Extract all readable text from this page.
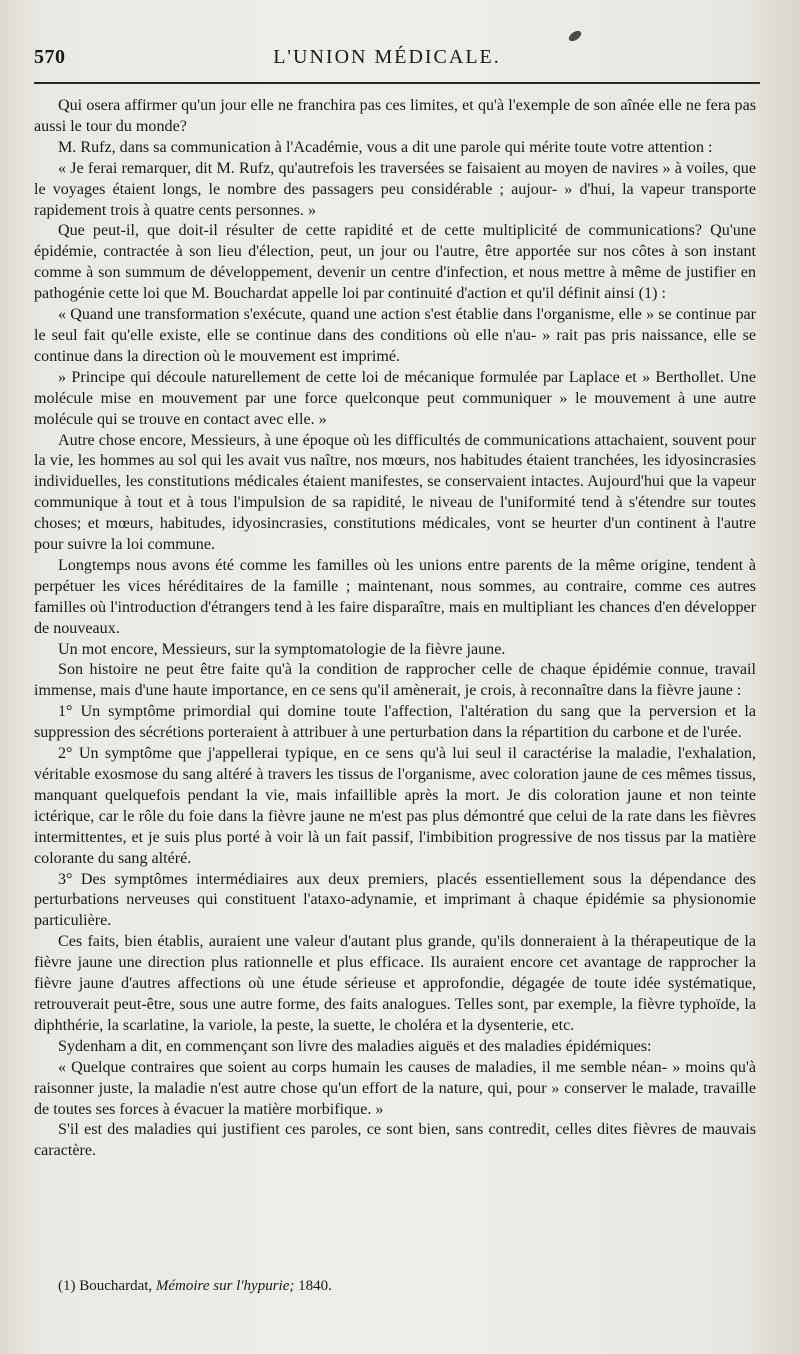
570	L'UNION MÉDICALE.

Qui osera affirmer qu'un jour elle ne franchira pas ces limites, et qu'à l'exemple de son aînée elle ne fera pas aussi le tour du monde?

M. Rufz, dans sa communication à l'Académie, vous a dit une parole qui mérite toute votre attention :

« Je ferai remarquer, dit M. Rufz, qu'autrefois les traversées se faisaient au moyen de navires » à voiles, que le voyages étaient longs, le nombre des passagers peu considérable ; aujour- » d'hui, la vapeur transporte rapidement trois à quatre cents personnes. »

Que peut-il, que doit-il résulter de cette rapidité et de cette multiplicité de communications? Qu'une épidémie, contractée à son lieu d'élection, peut, un jour ou l'autre, être apportée sur nos côtes à son instant comme à son summum de développement, devenir un centre d'infection, et nous mettre à même de justifier en pathogénie cette loi que M. Bouchardat appelle loi par continuité d'action et qu'il définit ainsi (1) :

« Quand une transformation s'exécute, quand une action s'est établie dans l'organisme, elle » se continue par le seul fait qu'elle existe, elle se continue dans des conditions où elle n'au- » rait pas pris naissance, elle se continue dans la direction où le mouvement est imprimé.

» Principe qui découle naturellement de cette loi de mécanique formulée par Laplace et » Berthollet. Une molécule mise en mouvement par une force quelconque peut communiquer » le mouvement à une autre molécule qui se trouve en contact avec elle. »

Autre chose encore, Messieurs, à une époque où les difficultés de communications attachaient, souvent pour la vie, les hommes au sol qui les avait vus naître, nos mœurs, nos habitudes étaient tranchées, les idyosincrasies individuelles, les constitutions médicales étaient manifestes, se conservaient intactes. Aujourd'hui que la vapeur communique à tout et à tous l'impulsion de sa rapidité, le niveau de l'uniformité tend à s'étendre sur toutes choses; et mœurs, habitudes, idyosincrasies, constitutions médicales, vont se heurter d'un continent à l'autre pour suivre la loi commune.

Longtemps nous avons été comme les familles où les unions entre parents de la même origine, tendent à perpétuer les vices héréditaires de la famille ; maintenant, nous sommes, au contraire, comme ces autres familles où l'introduction d'étrangers tend à les faire disparaître, mais en multipliant les chances d'en développer de nouveaux.

Un mot encore, Messieurs, sur la symptomatologie de la fièvre jaune.

Son histoire ne peut être faite qu'à la condition de rapprocher celle de chaque épidémie connue, travail immense, mais d'une haute importance, en ce sens qu'il amènerait, je crois, à reconnaître dans la fièvre jaune :

1° Un symptôme primordial qui domine toute l'affection, l'altération du sang que la perversion et la suppression des sécrétions porteraient à attribuer à une perturbation dans la répartition du carbone et de l'urée.

2° Un symptôme que j'appellerai typique, en ce sens qu'à lui seul il caractérise la maladie, l'exhalation, véritable exosmose du sang altéré à travers les tissus de l'organisme, avec coloration jaune de ces mêmes tissus, manquant quelquefois pendant la vie, mais infaillible après la mort. Je dis coloration jaune et non teinte ictérique, car le rôle du foie dans la fièvre jaune ne m'est pas plus démontré que celui de la rate dans les fièvres intermittentes, et je suis plus porté à voir là un fait passif, l'imbibition progressive de nos tissus par la matière colorante du sang altéré.

3° Des symptômes intermédiaires aux deux premiers, placés essentiellement sous la dépendance des perturbations nerveuses qui constituent l'ataxo-adynamie, et imprimant à chaque épidémie sa physionomie particulière.

Ces faits, bien établis, auraient une valeur d'autant plus grande, qu'ils donneraient à la thérapeutique de la fièvre jaune une direction plus rationnelle et plus efficace. Ils auraient encore cet avantage de rapprocher la fièvre jaune d'autres affections où une étude sérieuse et approfondie, dégagée de toute idée systématique, retrouverait peut-être, sous une autre forme, des faits analogues. Telles sont, par exemple, la fièvre typhoïde, la diphthérie, la scarlatine, la variole, la peste, la suette, le choléra et la dysenterie, etc.

Sydenham a dit, en commençant son livre des maladies aiguës et des maladies épidémiques:

« Quelque contraires que soient au corps humain les causes de maladies, il me semble néan- » moins qu'à raisonner juste, la maladie n'est autre chose qu'un effort de la nature, qui, pour » conserver le malade, travaille de toutes ses forces à évacuer la matière morbifique. »

S'il est des maladies qui justifient ces paroles, ce sont bien, sans contredit, celles dites fièvres de mauvais caractère.

(1) Bouchardat, Mémoire sur l'hypurie; 1840.
